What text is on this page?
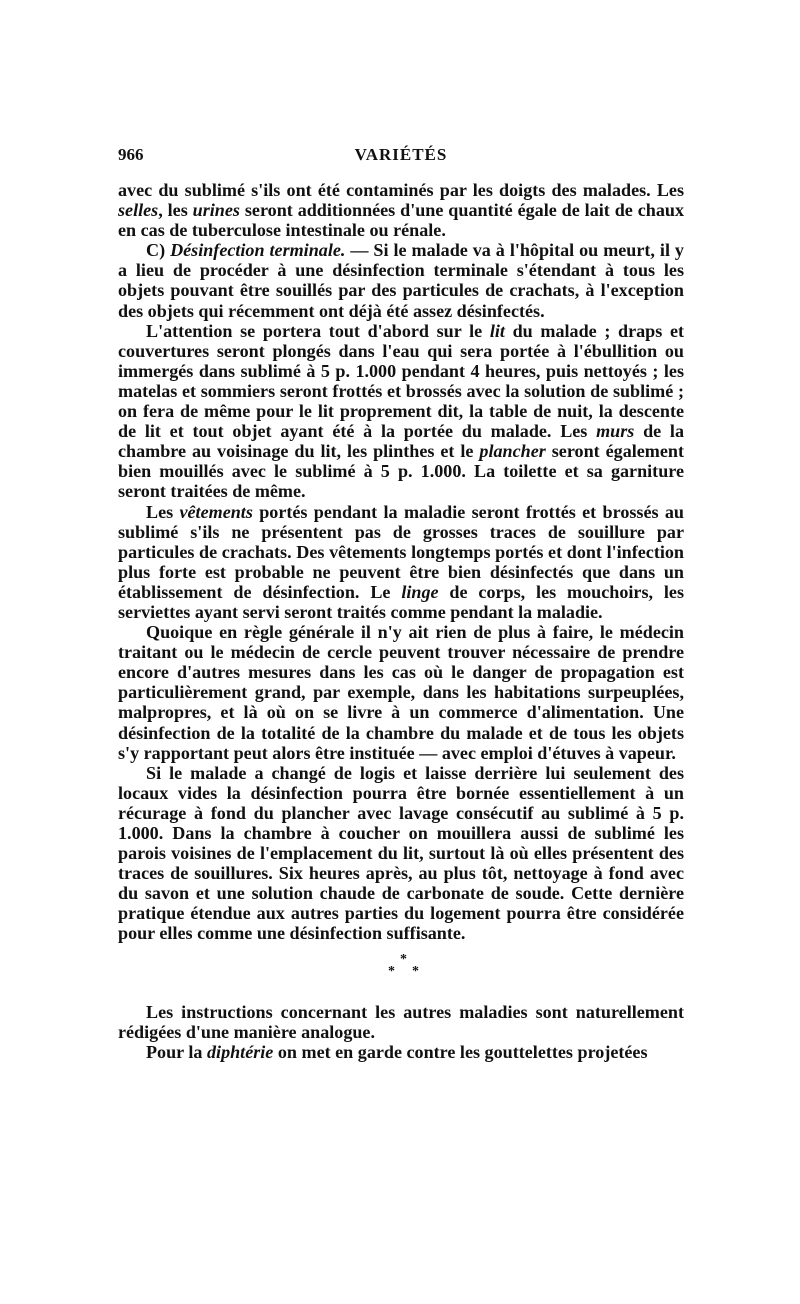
966	VARIÉTÉS

avec du sublimé s'ils ont été contaminés par les doigts des malades. Les selles, les urines seront additionnées d'une quantité égale de lait de chaux en cas de tuberculose intestinale ou rénale.

C) Désinfection terminale. — Si le malade va à l'hôpital ou meurt, il y a lieu de procéder à une désinfection terminale s'étendant à tous les objets pouvant être souillés par des particules de crachats, à l'exception des objets qui récemment ont déjà été assez désinfectés.

L'attention se portera tout d'abord sur le lit du malade ; draps et couvertures seront plongés dans l'eau qui sera portée à l'ébullition ou immergés dans sublimé à 5 p. 1.000 pendant 4 heures, puis nettoyés ; les matelas et sommiers seront frottés et brossés avec la solution de sublimé ; on fera de même pour le lit proprement dit, la table de nuit, la descente de lit et tout objet ayant été à la portée du malade. Les murs de la chambre au voisinage du lit, les plinthes et le plancher seront également bien mouillés avec le sublimé à 5 p. 1.000. La toilette et sa garniture seront traitées de même.

Les vêtements portés pendant la maladie seront frottés et brossés au sublimé s'ils ne présentent pas de grosses traces de souillure par particules de crachats. Des vêtements longtemps portés et dont l'infection plus forte est probable ne peuvent être bien désinfectés que dans un établissement de désinfection. Le linge de corps, les mouchoirs, les serviettes ayant servi seront traités comme pendant la maladie.

Quoique en règle générale il n'y ait rien de plus à faire, le médecin traitant ou le médecin de cercle peuvent trouver nécessaire de prendre encore d'autres mesures dans les cas où le danger de propagation est particulièrement grand, par exemple, dans les habitations surpeuplées, malpropres, et là où on se livre à un commerce d'alimentation. Une désinfection de la totalité de la chambre du malade et de tous les objets s'y rapportant peut alors être instituée — avec emploi d'étuves à vapeur.

Si le malade a changé de logis et laisse derrière lui seulement des locaux vides la désinfection pourra être bornée essentiellement à un récurage à fond du plancher avec lavage consécutif au sublimé à 5 p. 1.000. Dans la chambre à coucher on mouillera aussi de sublimé les parois voisines de l'emplacement du lit, surtout là où elles présentent des traces de souillures. Six heures après, au plus tôt, nettoyage à fond avec du savon et une solution chaude de carbonate de soude. Cette dernière pratique étendue aux autres parties du logement pourra être considérée pour elles comme une désinfection suffisante.

*
* *

Les instructions concernant les autres maladies sont naturellement rédigées d'une manière analogue.

Pour la diphtérie on met en garde contre les gouttelettes projetées
